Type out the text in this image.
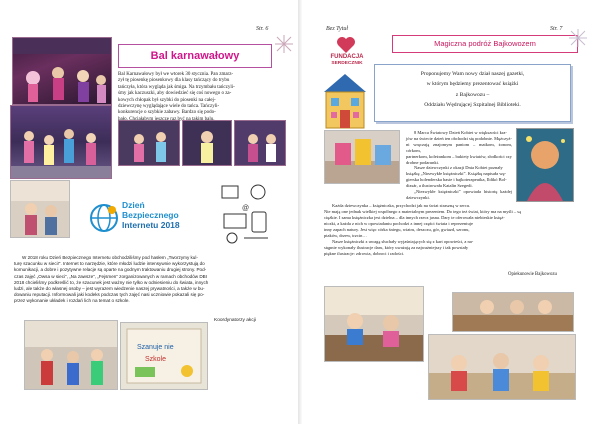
Str. 6
Bal karnawałowy

Bal Karnawałowy był we wtorek 30 stycznia. Pan zmarz-

zył tę piosenkę piosenkowy dla klasy tańczący do trybu

tańczyła, która wygląda jak śmiga. Na trzymbału tańczyli-

śmy jak kaczuszki, aby dowiedzieć się coś nowego o za-

kowych chłopak był szybki do piosenki na całej-

dziewczynę wyglądające wiele do tańca. Tańczyli-

konkurencje o szybkie zabawy. Bardzo się podo-

Dzień
Bezpiecznego
Internetu 2018
@

W 2018 roku Dzień Bezpiecznego Internetu obchodziliśmy pod hasłem „Tworzymy kul-

turę szacunku w sieci!”. Internet to narzędzie, które młodzi ludzie intensywnie wykorzystują do

komunikacji, a dobre i pozytywne relacje są oparte na godnym traktowaniu drugiej strony. Pod-

czas zajęć „Owsa w sieci”, „Na zawsze”, „Fejsmen” zorganizowanych w ramach obchodów DBI

2018 chcieliśmy podkreślić to, że szacunek jest ważny nie tylko w odniesieniu do świata, innych

ludzi, ale także do własnej osoby – jest wyrazem wiedzenie naszej prywatności, a także w bu-

dowaniu reputacji. Informowali jaki kodeks podczas tych zajęć nasi uczniowie pokazali się po-

przez wykonanie układek i rozdań lich na temat o szkole.

Koordynatorzy akcji
Szanuje nie
Szkole
Bez Tytuł	Str. 7
FUNDACJA
SERDECZNIK
Magiczna podróż Bajkowozem
Proponujemy Wam nowy dział naszej gazetki,
w którym będziemy prezentować książki
z Bajkowozu –
Oddziału Wędrującej Szpitalnej Biblioteki.

8 Marca Światowy Dzień Kobiet w większości kra-

jów na świecie dzień ten obchodzi się podobnie. Mężczyź-

ni wręczają znajomym paniom – matkom, żonom, córkom,

partnerkom, koleżankom – bukiety kwiatów, słodkości czy

drobne podarunki.

Nasze dziewczynki z okazji Dnia Kobiet poznały

książkę „Niezwykłe księżniczki”. Książkę napisała wę-

gierska holenderska basie i bajkoterapeutka, Ildikó Bol-

dizsár, a ilustrowała Katalin Szegedi.

„Niezwykłe księżniczki” opowiada historię każdej dziewczynki.

Każda dziewczynka – księżniczka, przychodzi jak na świat straszną w sercu.

Nie mają one jednak wielkiej wspólnego z materialnym prezentem. Do tego też świat, który ma na myśli – są

ciężkie. I sama księżniczka jest dzielna – dla innych rzecz jasna. Dary te oferowała niebieskie księż-

niczki, a każda z nich w opowiadaniu pochodzi z innej części świata i reprezentuje

inny zapach natury. Jest więc córka śniegu, wiatru, deszczu, gór, gwiazd, szronu,

ptaków, drzew, trzcin…

Nasze księżniczki z uwagą słuchały wyjaśniających się z kart opowieści, a na-

stępnie wykonały ilustracje daru, który uważają za najważniejszy i tak powstały

piękne ilustracje: zdrowia, dobroci i radości.

Opiekunowie Bajkowozu
